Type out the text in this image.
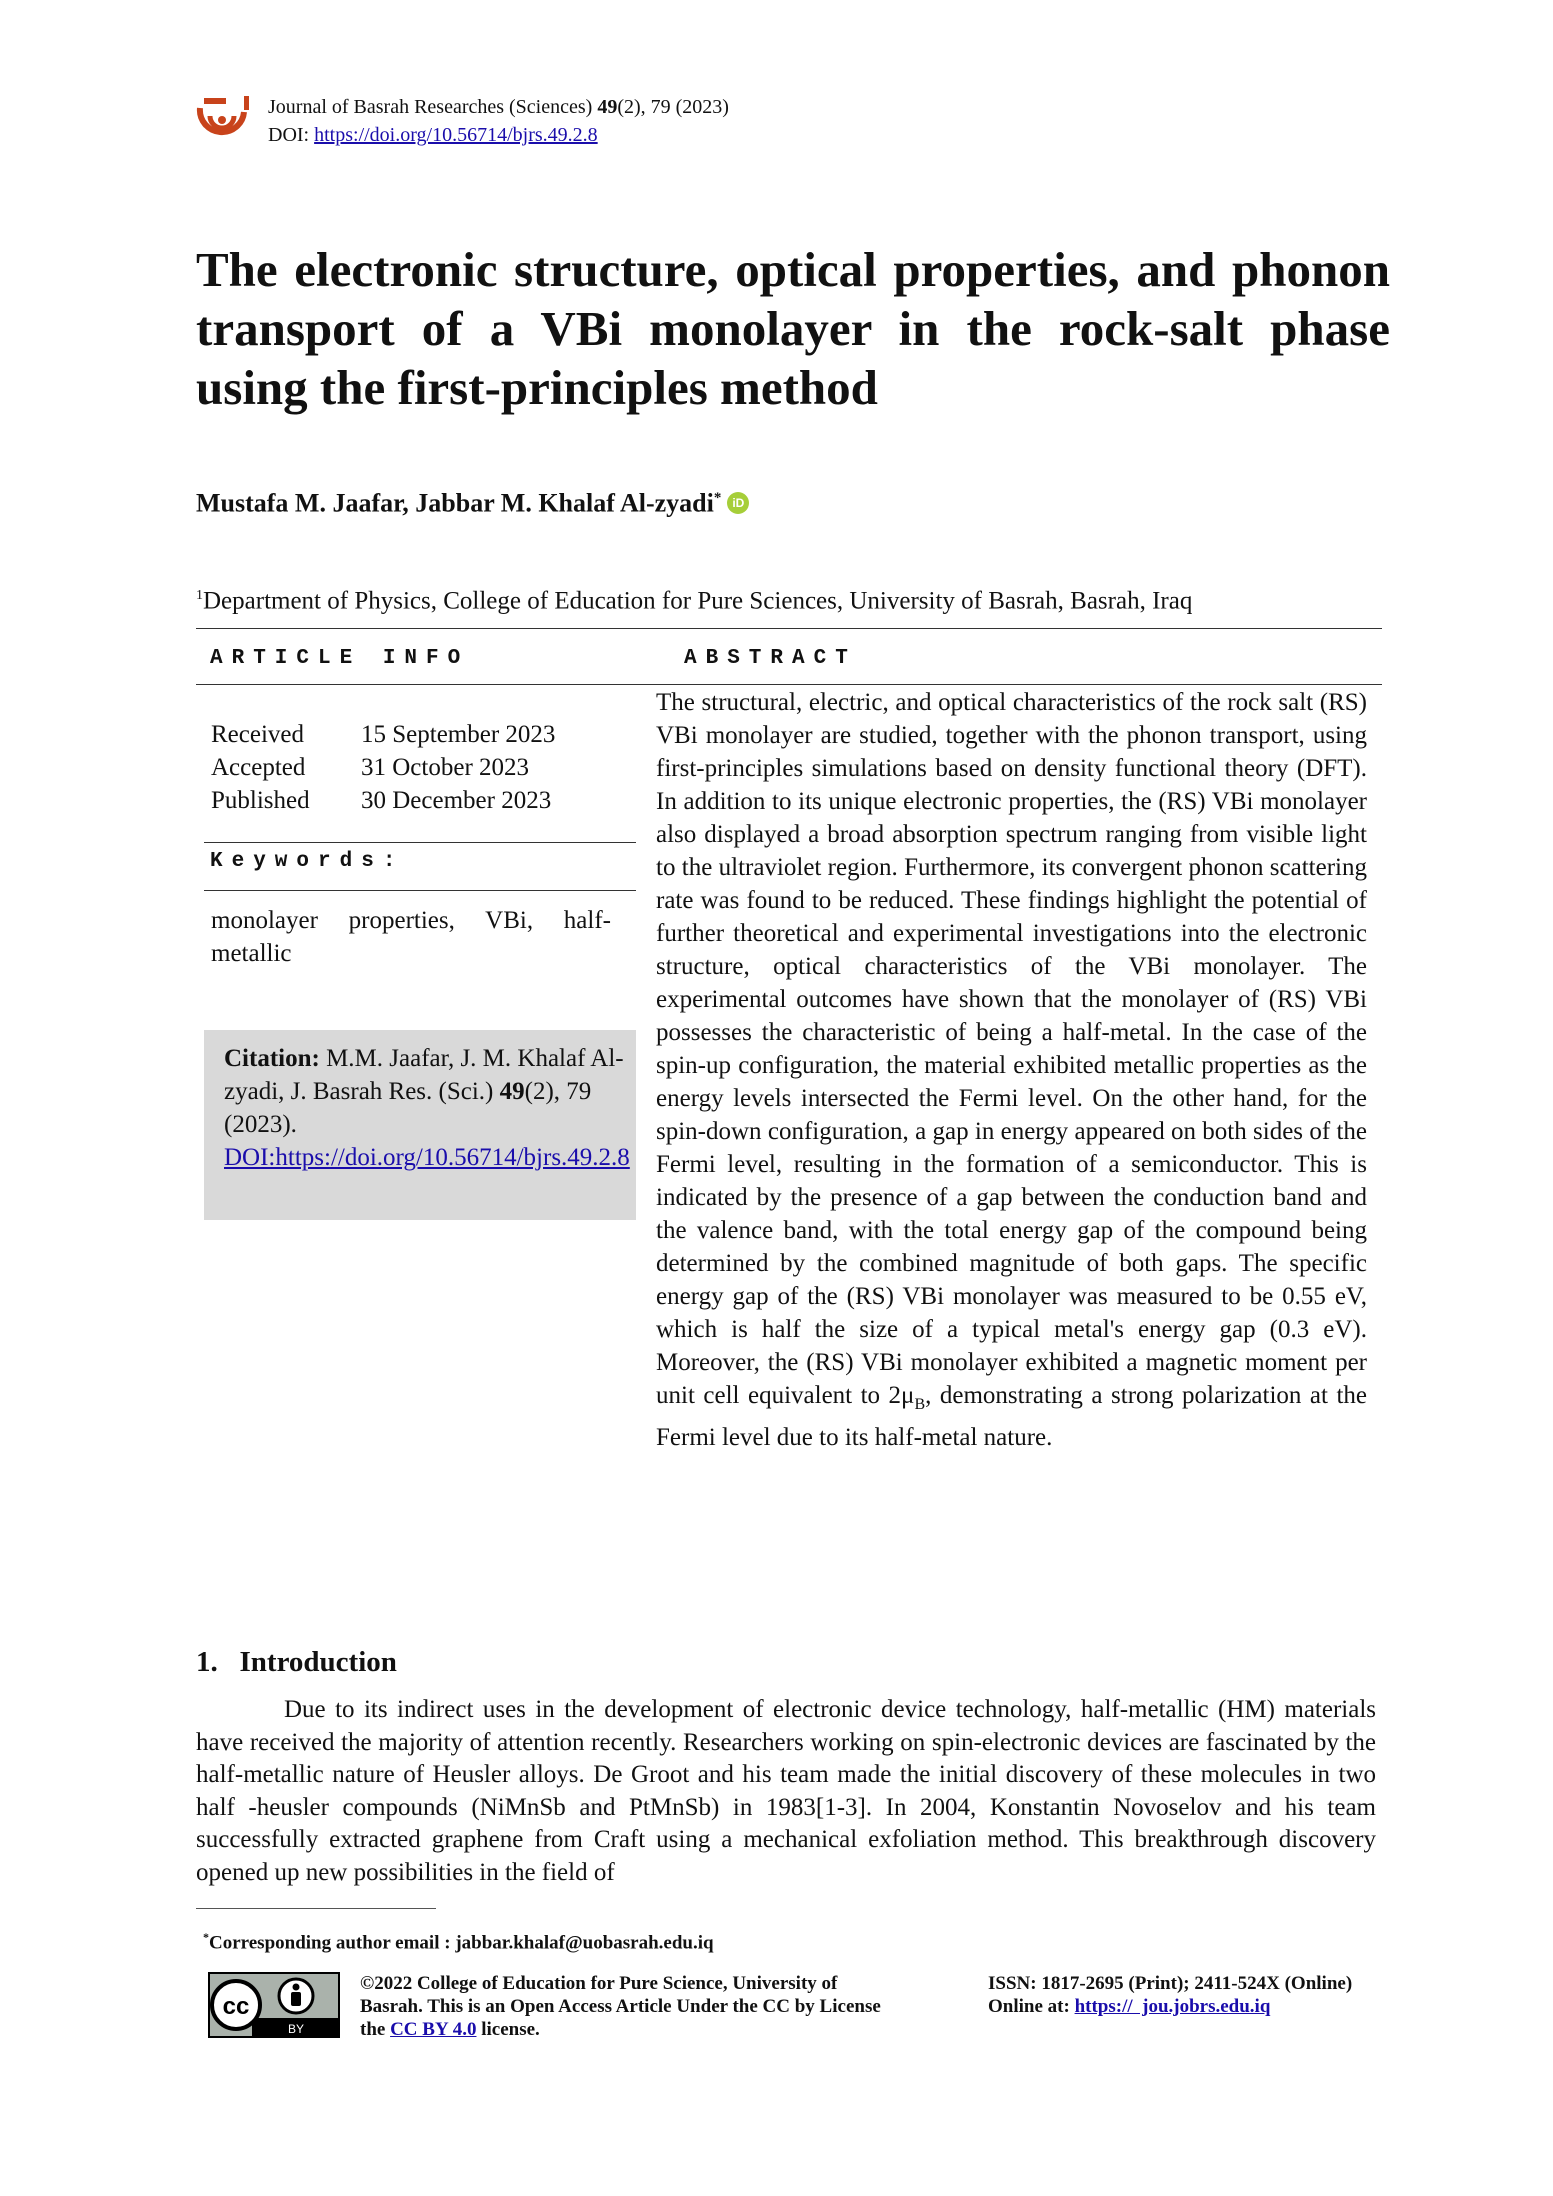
Journal of Basrah Researches (Sciences) 49(2), 79 (2023)
DOI: https://doi.org/10.56714/bjrs.49.2.8
The electronic structure, optical properties, and phonon transport of a VBi monolayer in the rock-salt phase using the first-principles method
Mustafa M. Jaafar, Jabbar M. Khalaf Al-zyadi* iD
$^1$Department of Physics, College of Education for Pure Sciences, University of Basrah, Basrah, Iraq
ARTICLE INFO	ABSTRACT
Received	15 September 2023
Accepted	31 October 2023
Published	30 December 2023
Keywords:
monolayer properties, VBi, half-metallic
Citation: M.M. Jaafar, J. M. Khalaf Al-zyadi, J. Basrah Res. (Sci.) 49(2), 79 (2023).
DOI:https://doi.org/10.56714/bjrs.49.2.8
The structural, electric, and optical characteristics of the rock salt (RS) VBi monolayer are studied, together with the phonon transport, using first-principles simulations based on density functional theory (DFT). In addition to its unique electronic properties, the (RS) VBi monolayer also displayed a broad absorption spectrum ranging from visible light to the ultraviolet region. Furthermore, its convergent phonon scattering rate was found to be reduced. These findings highlight the potential of further theoretical and experimental investigations into the electronic structure, optical characteristics of the VBi monolayer. The experimental outcomes have shown that the monolayer of (RS) VBi possesses the characteristic of being a half-metal. In the case of the spin-up configuration, the material exhibited metallic properties as the energy levels intersected the Fermi level. On the other hand, for the spin-down configuration, a gap in energy appeared on both sides of the Fermi level, resulting in the formation of a semiconductor. This is indicated by the presence of a gap between the conduction band and the valence band, with the total energy gap of the compound being determined by the combined magnitude of both gaps. The specific energy gap of the (RS) VBi monolayer was measured to be 0.55 eV, which is half the size of a typical metal's energy gap (0.3 eV). Moreover, the (RS) VBi monolayer exhibited a magnetic moment per unit cell equivalent to $2\mu_B$, demonstrating a strong polarization at the Fermi level due to its half-metal nature.
1.   Introduction
Due to its indirect uses in the development of electronic device technology, half-metallic (HM) materials have received the majority of attention recently. Researchers working on spin-electronic devices are fascinated by the half-metallic nature of Heusler alloys. De Groot and his team made the initial discovery of these molecules in two half -heusler compounds (NiMnSb and PtMnSb) in 1983[1-3]. In 2004, Konstantin Novoselov and his team successfully extracted graphene from Craft using a mechanical exfoliation method. This breakthrough discovery opened up new possibilities in the field of
*Corresponding author email : jabbar.khalaf@uobasrah.edu.iq
cc
BY
©2022 College of Education for Pure Science, University of Basrah. This is an Open Access Article Under the CC by License the CC BY 4.0 license.
ISSN: 1817-2695 (Print); 2411-524X (Online)
Online at: https://  jou.jobrs.edu.iq
